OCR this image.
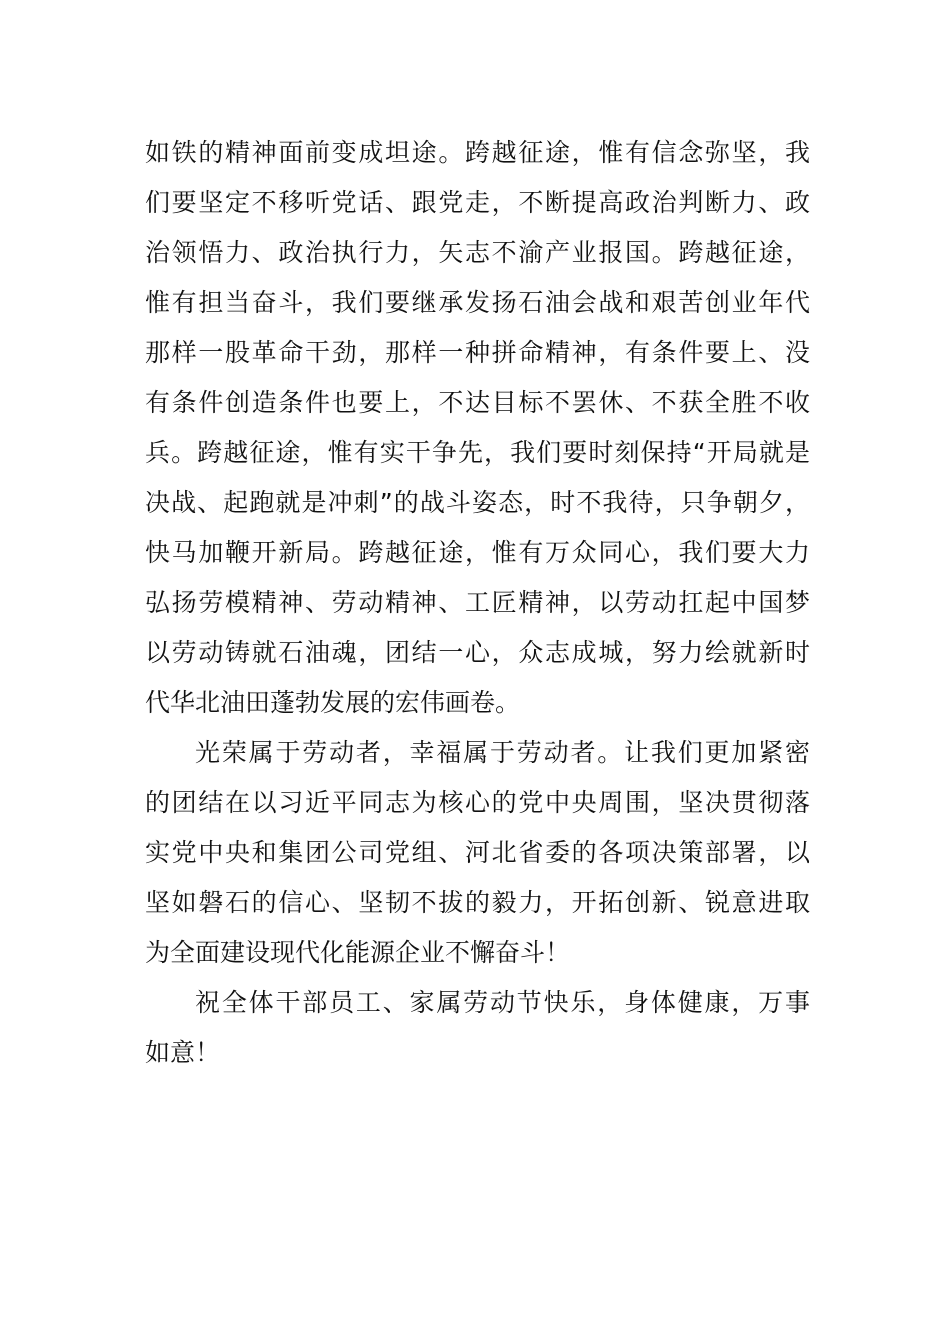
如铁的精神面前变成坦途。跨越征途，惟有信念弥坚，我
们要坚定不移听党话、跟党走，不断提高政治判断力、政
治领悟力、政治执行力，矢志不渝产业报国。跨越征途，
惟有担当奋斗，我们要继承发扬石油会战和艰苦创业年代
那样一股革命干劲，那样一种拼命精神，有条件要上、没
有条件创造条件也要上，不达目标不罢休、不获全胜不收
兵。跨越征途，惟有实干争先，我们要时刻保持“开局就是
决战、起跑就是冲刺”的战斗姿态，时不我待，只争朝夕，
快马加鞭开新局。跨越征途，惟有万众同心，我们要大力
弘扬劳模精神、劳动精神、工匠精神，以劳动扛起中国梦
以劳动铸就石油魂，团结一心，众志成城，努力绘就新时
代华北油田蓬勃发展的宏伟画卷。
光荣属于劳动者，幸福属于劳动者。让我们更加紧密
的团结在以习近平同志为核心的党中央周围，坚决贯彻落
实党中央和集团公司党组、河北省委的各项决策部署，以
坚如磐石的信心、坚韧不拔的毅力，开拓创新、锐意进取
为全面建设现代化能源企业不懈奋斗！
祝全体干部员工、家属劳动节快乐，身体健康，万事
如意！
